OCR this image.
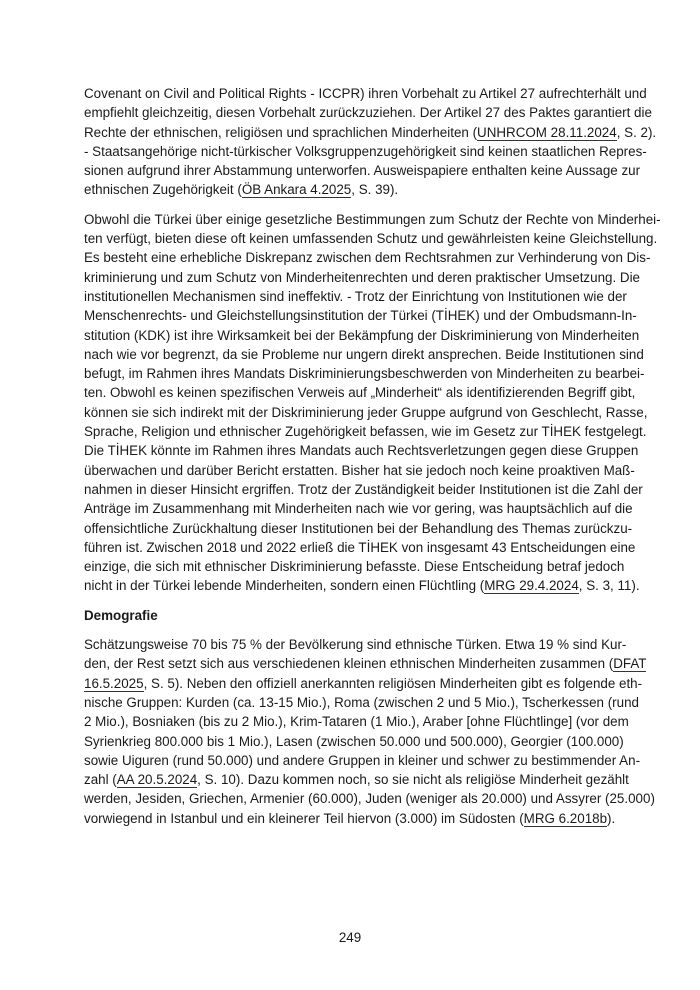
Covenant on Civil and Political Rights - ICCPR) ihren Vorbehalt zu Artikel 27 aufrechterhält und
empfiehlt gleichzeitig, diesen Vorbehalt zurückzuziehen. Der Artikel 27 des Paktes garantiert die
Rechte der ethnischen, religiösen und sprachlichen Minderheiten (UNHRCOM 28.11.2024, S. 2).
- Staatsangehörige nicht-türkischer Volksgruppenzugehörigkeit sind keinen staatlichen Repres-
sionen aufgrund ihrer Abstammung unterworfen. Ausweispapiere enthalten keine Aussage zur
ethnischen Zugehörigkeit (ÖB Ankara 4.2025, S. 39).
Obwohl die Türkei über einige gesetzliche Bestimmungen zum Schutz der Rechte von Minderhei-
ten verfügt, bieten diese oft keinen umfassenden Schutz und gewährleisten keine Gleichstellung.
Es besteht eine erhebliche Diskrepanz zwischen dem Rechtsrahmen zur Verhinderung von Dis-
kriminierung und zum Schutz von Minderheitenrechten und deren praktischer Umsetzung. Die
institutionellen Mechanismen sind ineffektiv. - Trotz der Einrichtung von Institutionen wie der
Menschenrechts- und Gleichstellungsinstitution der Türkei (TİHEK) und der Ombudsmann-In-
stitution (KDK) ist ihre Wirksamkeit bei der Bekämpfung der Diskriminierung von Minderheiten
nach wie vor begrenzt, da sie Probleme nur ungern direkt ansprechen. Beide Institutionen sind
befugt, im Rahmen ihres Mandats Diskriminierungsbeschwerden von Minderheiten zu bearbei-
ten. Obwohl es keinen spezifischen Verweis auf „Minderheit“ als identifizierenden Begriff gibt,
können sie sich indirekt mit der Diskriminierung jeder Gruppe aufgrund von Geschlecht, Rasse,
Sprache, Religion und ethnischer Zugehörigkeit befassen, wie im Gesetz zur TİHEK festgelegt.
Die TİHEK könnte im Rahmen ihres Mandats auch Rechtsverletzungen gegen diese Gruppen
überwachen und darüber Bericht erstatten. Bisher hat sie jedoch noch keine proaktiven Maß-
nahmen in dieser Hinsicht ergriffen. Trotz der Zuständigkeit beider Institutionen ist die Zahl der
Anträge im Zusammenhang mit Minderheiten nach wie vor gering, was hauptsächlich auf die
offensichtliche Zurückhaltung dieser Institutionen bei der Behandlung des Themas zurückzu-
führen ist. Zwischen 2018 und 2022 erließ die TİHEK von insgesamt 43 Entscheidungen eine
einzige, die sich mit ethnischer Diskriminierung befasste. Diese Entscheidung betraf jedoch
nicht in der Türkei lebende Minderheiten, sondern einen Flüchtling (MRG 29.4.2024, S. 3, 11).
Demografie
Schätzungsweise 70 bis 75 % der Bevölkerung sind ethnische Türken. Etwa 19 % sind Kur-
den, der Rest setzt sich aus verschiedenen kleinen ethnischen Minderheiten zusammen (DFAT
16.5.2025, S. 5). Neben den offiziell anerkannten religiösen Minderheiten gibt es folgende eth-
nische Gruppen: Kurden (ca. 13-15 Mio.), Roma (zwischen 2 und 5 Mio.), Tscherkessen (rund
2 Mio.), Bosniaken (bis zu 2 Mio.), Krim-Tataren (1 Mio.), Araber [ohne Flüchtlinge] (vor dem
Syrienkrieg 800.000 bis 1 Mio.), Lasen (zwischen 50.000 und 500.000), Georgier (100.000)
sowie Uiguren (rund 50.000) und andere Gruppen in kleiner und schwer zu bestimmender An-
zahl (AA 20.5.2024, S. 10). Dazu kommen noch, so sie nicht als religiöse Minderheit gezählt
werden, Jesiden, Griechen, Armenier (60.000), Juden (weniger als 20.000) und Assyrer (25.000)
vorwiegend in Istanbul und ein kleinerer Teil hiervon (3.000) im Südosten (MRG 6.2018b).
249
